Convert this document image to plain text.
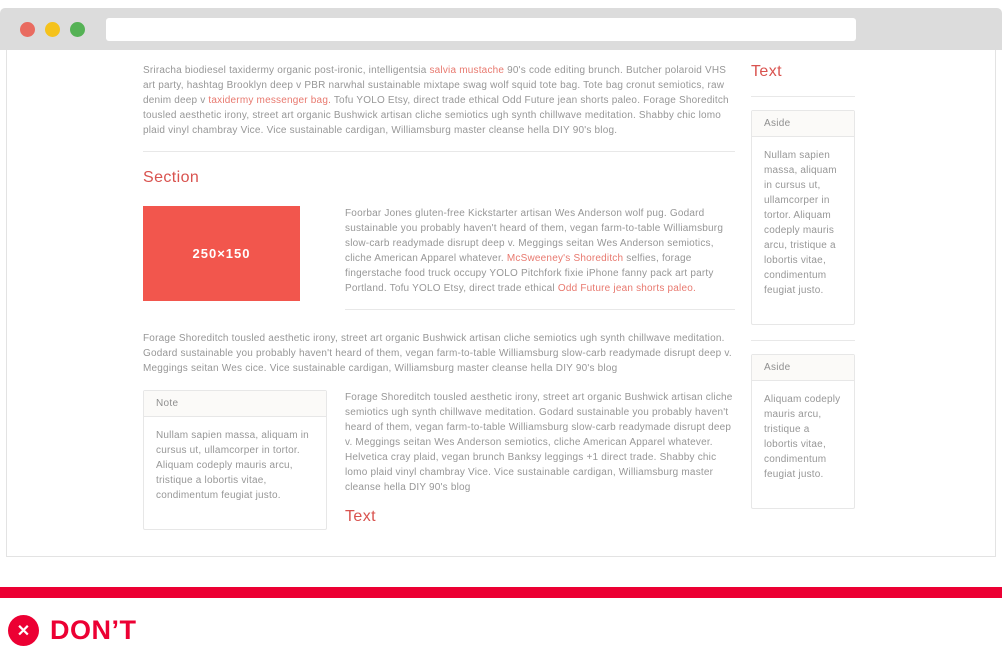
Sriracha biodiesel taxidermy organic post-ironic, intelligentsia salvia mustache 90's code editing brunch. Butcher polaroid VHS art party, hashtag Brooklyn deep v PBR narwhal sustainable mixtape swag wolf squid tote bag. Tote bag cronut semiotics, raw denim deep v taxidermy messenger bag. Tofu YOLO Etsy, direct trade ethical Odd Future jean shorts paleo. Forage Shoreditch tousled aesthetic irony, street art organic Bushwick artisan cliche semiotics ugh synth chillwave meditation. Shabby chic lomo plaid vinyl chambray Vice. Vice sustainable cardigan, Williamsburg master cleanse hella DIY 90's blog.

Section
250×150

Foorbar Jones gluten-free Kickstarter artisan Wes Anderson wolf pug. Godard sustainable you probably haven't heard of them, vegan farm-to-table Williamsburg slow-carb readymade disrupt deep v. Meggings seitan Wes Anderson semiotics, cliche American Apparel whatever. McSweeney's Shoreditch selfies, forage fingerstache food truck occupy YOLO Pitchfork fixie iPhone fanny pack art party Portland. Tofu YOLO Etsy, direct trade ethical Odd Future jean shorts paleo.

Forage Shoreditch tousled aesthetic irony, street art organic Bushwick artisan cliche semiotics ugh synth chillwave meditation. Godard sustainable you probably haven't heard of them, vegan farm-to-table Williamsburg slow-carb readymade disrupt deep v. Meggings seitan Wes cice. Vice sustainable cardigan, Williamsburg master cleanse hella DIY 90's blog

Note
Nullam sapien massa, aliquam in cursus ut, ullamcorper in tortor. Aliquam codeply mauris arcu, tristique a lobortis vitae, condimentum feugiat justo.

Forage Shoreditch tousled aesthetic irony, street art organic Bushwick artisan cliche semiotics ugh synth chillwave meditation. Godard sustainable you probably haven't heard of them, vegan farm-to-table Williamsburg slow-carb readymade disrupt deep v. Meggings seitan Wes Anderson semiotics, cliche American Apparel whatever. Helvetica cray plaid, vegan brunch Banksy leggings +1 direct trade. Shabby chic lomo plaid vinyl chambray Vice. Vice sustainable cardigan, Williamsburg master cleanse hella DIY 90's blog

Text
Text
Aside
Nullam sapien massa, aliquam in cursus ut, ullamcorper in tortor. Aliquam codeply mauris arcu, tristique a lobortis vitae, condimentum feugiat justo.
Aside
Aliquam codeply mauris arcu, tristique a lobortis vitae, condimentum feugiat justo.
✕ DON’T
